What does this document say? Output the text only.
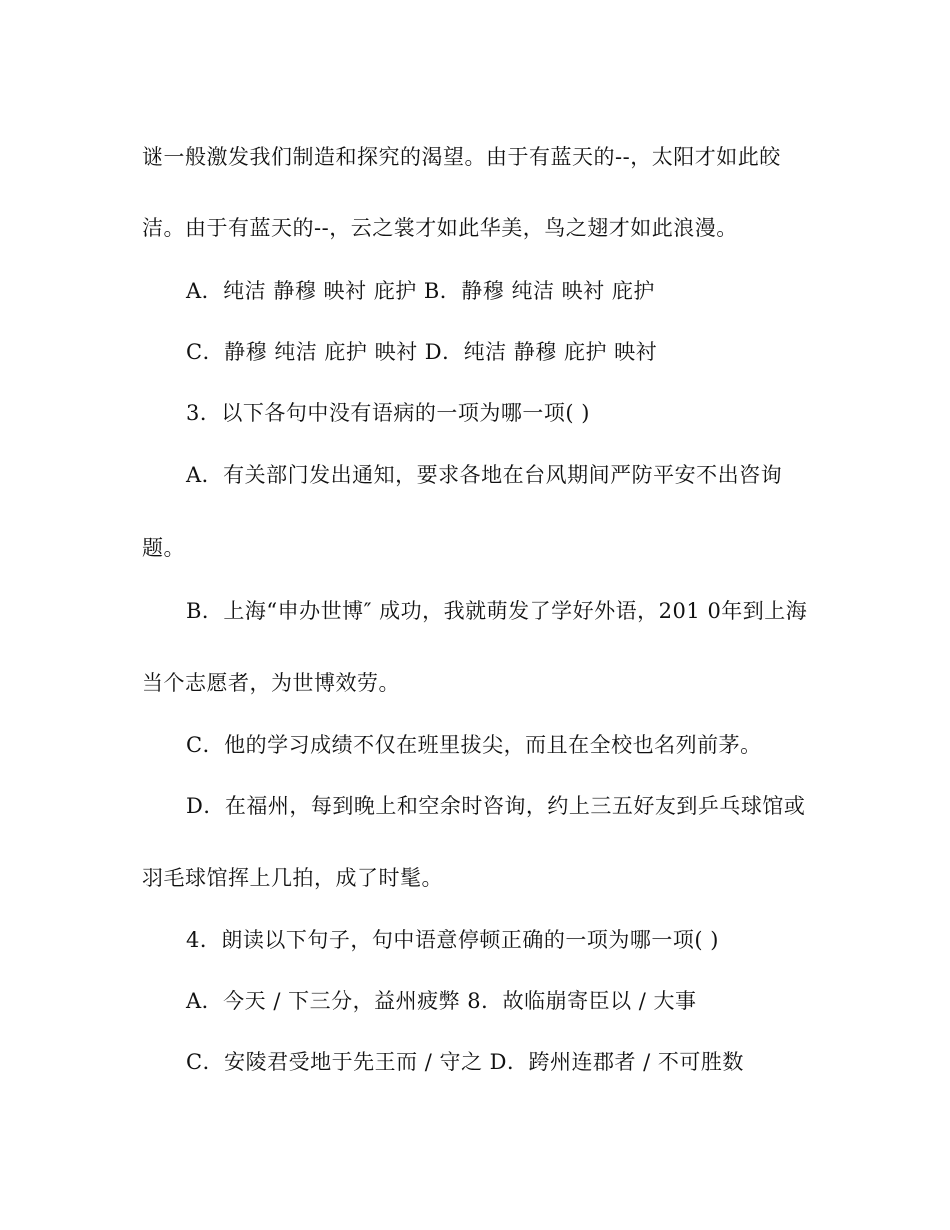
谜一般激发我们制造和探究的渴望。由于有蓝天的--，太阳才如此皎
洁。由于有蓝天的--，云之裳才如此华美，鸟之翅才如此浪漫。
A．纯洁 静穆 映衬 庇护 B．静穆 纯洁 映衬 庇护
C．静穆 纯洁 庇护 映衬 D．纯洁 静穆 庇护 映衬
3．以下各句中没有语病的一项为哪一项( )
A．有关部门发出通知，要求各地在台风期间严防平安不出咨询
题。
B．上海“申办世博″ 成功，我就萌发了学好外语，201 0年到上海
当个志愿者，为世博效劳。
C．他的学习成绩不仅在班里拔尖，而且在全校也名列前茅。
D．在福州，每到晚上和空余时咨询，约上三五好友到乒乓球馆或
羽毛球馆挥上几拍，成了时髦。
4．朗读以下句子，句中语意停顿正确的一项为哪一项( )
A．今天 / 下三分，益州疲弊 8．故临崩寄臣以 / 大事
C．安陵君受地于先王而 / 守之 D．跨州连郡者 / 不可胜数
